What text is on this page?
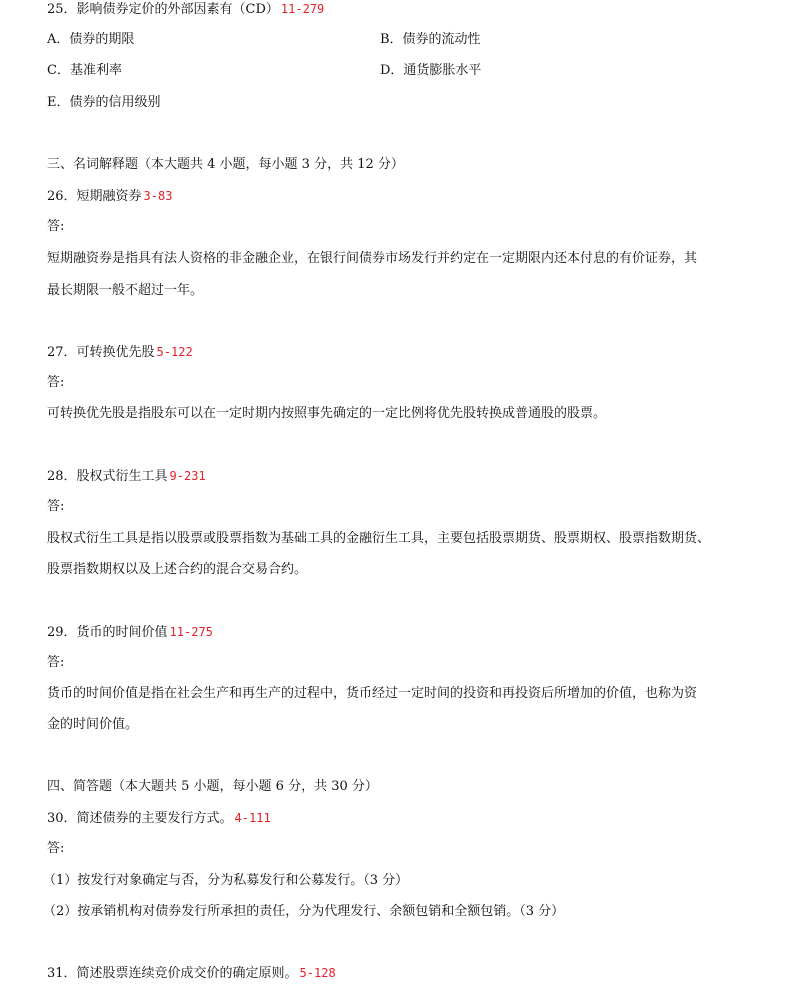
25．影响债券定价的外部因素有（CD） 11-279
A．债券的期限	B．债券的流动性
C．基准利率	D．通货膨胀水平
E．债券的信用级别
三、名词解释题（本大题共 4 小题，每小题 3 分，共 12 分）
26．短期融资券 3-83
答:
短期融资券是指具有法人资格的非金融企业，在银行间债券市场发行并约定在一定期限内还本付息的有价证券，其
最长期限一般不超过一年。
27．可转换优先股 5-122
答:
可转换优先股是指股东可以在一定时期内按照事先确定的一定比例将优先股转换成普通股的股票。
28．股权式衍生工具 9-231
答:
股权式衍生工具是指以股票或股票指数为基础工具的金融衍生工具，主要包括股票期货、股票期权、股票指数期货、
股票指数期权以及上述合约的混合交易合约。
29．货币的时间价值 11-275
答:
货币的时间价值是指在社会生产和再生产的过程中，货币经过一定时间的投资和再投资后所增加的价值，也称为资
金的时间价值。
四、简答题（本大题共 5 小题，每小题 6 分，共 30 分）
30．简述债券的主要发行方式。 4-111
答:
（1）按发行对象确定与否，分为私募发行和公募发行。（3 分）
（2）按承销机构对债券发行所承担的责任，分为代理发行、余额包销和全额包销。（3 分）
31．简述股票连续竞价成交价的确定原则。 5-128
